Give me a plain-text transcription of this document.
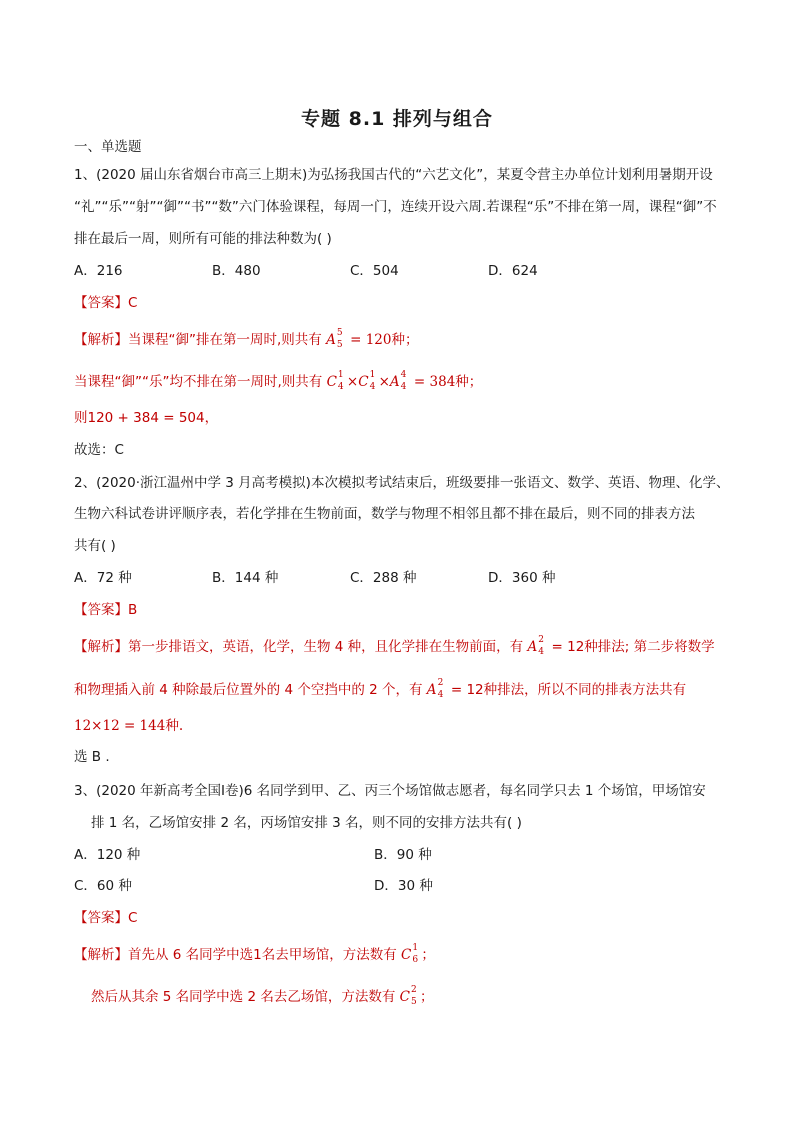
专题 8.1 排列与组合
一、单选题
1、(2020 届山东省烟台市高三上期末)为弘扬我国古代的“六艺文化”，某夏令营主办单位计划利用暑期开设
“礼”“乐”“射”“御”“书”“数”六门体验课程，每周一门，连续开设六周.若课程“乐”不排在第一周，课程“御”不
排在最后一周，则所有可能的排法种数为( )
A．216	B．480	C．504	D．624
【答案】C
【解析】当课程“御”排在第一周时,则共有 A 5
5 = 120种；
当课程“御”“乐”均不排在第一周时,则共有 C 1
4 ×C 1
4 ×A 4
4 = 384种；
则120 + 384 = 504，
故选：C
2、(2020·浙江温州中学 3 月高考模拟)本次模拟考试结束后，班级要排一张语文、数学、英语、物理、化学、
生物六科试卷讲评顺序表，若化学排在生物前面，数学与物理不相邻且都不排在最后，则不同的排表方法
共有( )
A．72 种	B．144 种	C．288 种	D．360 种
【答案】B
【解析】第一步排语文，英语，化学，生物 4 种，且化学排在生物前面，有 A 2
4 = 12种排法; 第二步将数学
和物理插入前 4 种除最后位置外的 4 个空挡中的 2 个，有 A 2
4 = 12种排法，所以不同的排表方法共有
12×12 = 144种.
选 B .
3、(2020 年新高考全国Ⅰ卷)6 名同学到甲、乙、丙三个场馆做志愿者，每名同学只去 1 个场馆，甲场馆安
排 1 名，乙场馆安排 2 名，丙场馆安排 3 名，则不同的安排方法共有( )
A．120 种	B．90 种
C．60 种	D．30 种
【答案】C
【解析】首先从 6 名同学中选1名去甲场馆，方法数有 C 1
6 ；
然后从其余 5 名同学中选 2 名去乙场馆，方法数有 C 2
5 ；
